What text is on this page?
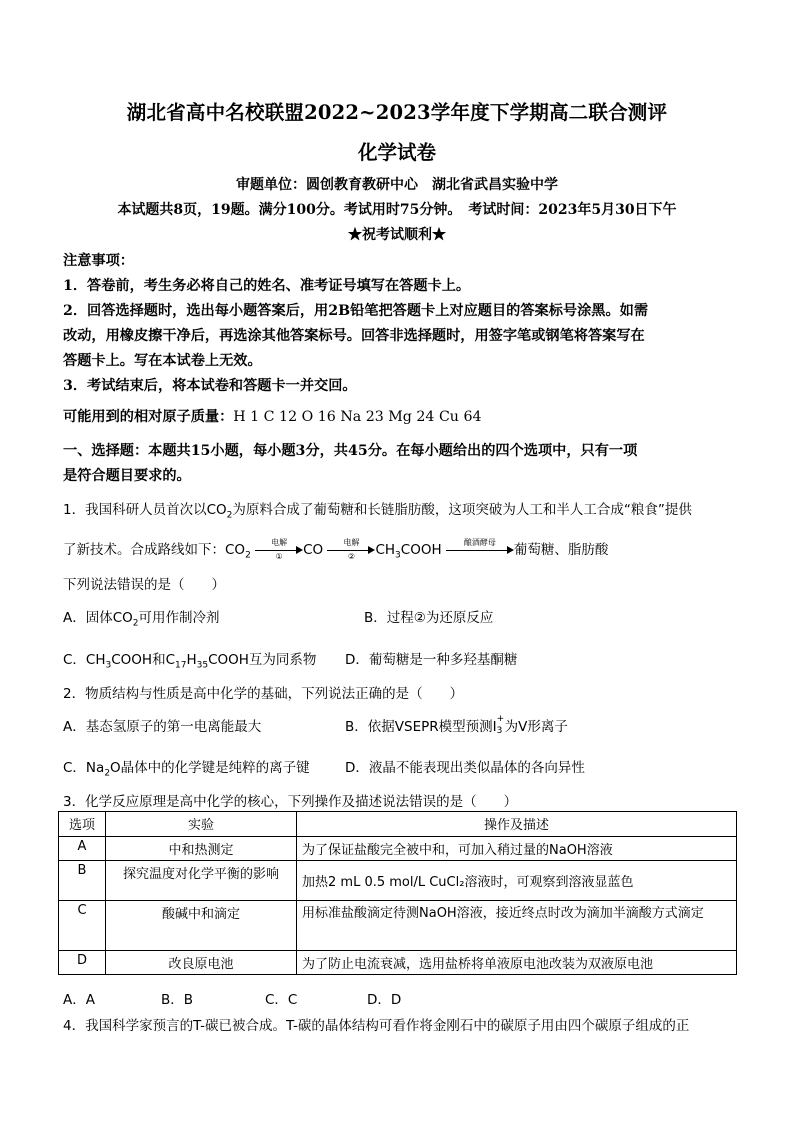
湖北省高中名校联盟2022~2023学年度下学期高二联合测评
化学试卷
审题单位：圆创教育教研中心　湖北省武昌实验中学
本试题共8页，19题。满分100分。考试用时75分钟。　考试时间：2023年5月30日下午
★祝考试顺利★
注意事项：
1．答卷前，考生务必将自己的姓名、准考证号填写在答题卡上。
2．回答选择题时，选出每小题答案后，用2B铅笔把答题卡上对应题目的答案标号涂黑。如需
改动，用橡皮擦干净后，再选涂其他答案标号。回答非选择题时，用签字笔或钢笔将答案写在
答题卡上。写在本试卷上无效。
3．考试结束后，将本试卷和答题卡一并交回。
可能用到的相对原子质量：H 1 C 12 O 16 Na 23 Mg 24 Cu 64
一、选择题：本题共15小题，每小题3分，共45分。在每小题给出的四个选项中，只有一项
是符合题目要求的。
1．我国科研人员首次以$CO_2$为原料合成了葡萄糖和长链脂肪酸，这项突破为人工和半人工合成“粮食”提供
了新技术。合成路线如下：$CO_2$
电解
①	CO	电解
②	$CH_3COOH$	酿酒酵母	葡萄糖、脂肪酸
下列说法错误的是（　　）
A．固体$CO_2$可用作制冷剂	B．过程②为还原反应
C．$CH_3COOH$和$C_{17}H_{35}COOH$互为同系物 D．葡萄糖是一种多羟基酮糖
2．物质结构与性质是高中化学的基础，下列说法正确的是（　　）
A．基态氢原子的第一电离能最大	B．依据VSEPR模型预测I +
3 为V形离子
C．$Na_2O$晶体中的化学键是纯粹的离子键	D．液晶不能表现出类似晶体的各向异性
3．化学反应原理是高中化学的核心，下列操作及描述说法错误的是（　　）
选项	实验	操作及描述
A	中和热测定	为了保证盐酸完全被中和，可加入稍过量的NaOH溶液
B	探究温度对化学平衡的影响	加热2 mL 0.5 mol/L CuCl₂溶液时，可观察到溶液显蓝色
C	酸碱中和滴定	用标准盐酸滴定待测NaOH溶液，接近终点时改为滴加半滴酸方式滴定
D	改良原电池	为了防止电流衰减，选用盐桥将单液原电池改装为双液原电池
A．A	B．B	C．C	D．D
4．我国科学家预言的T-碳已被合成。T-碳的晶体结构可看作将金刚石中的碳原子用由四个碳原子组成的正
